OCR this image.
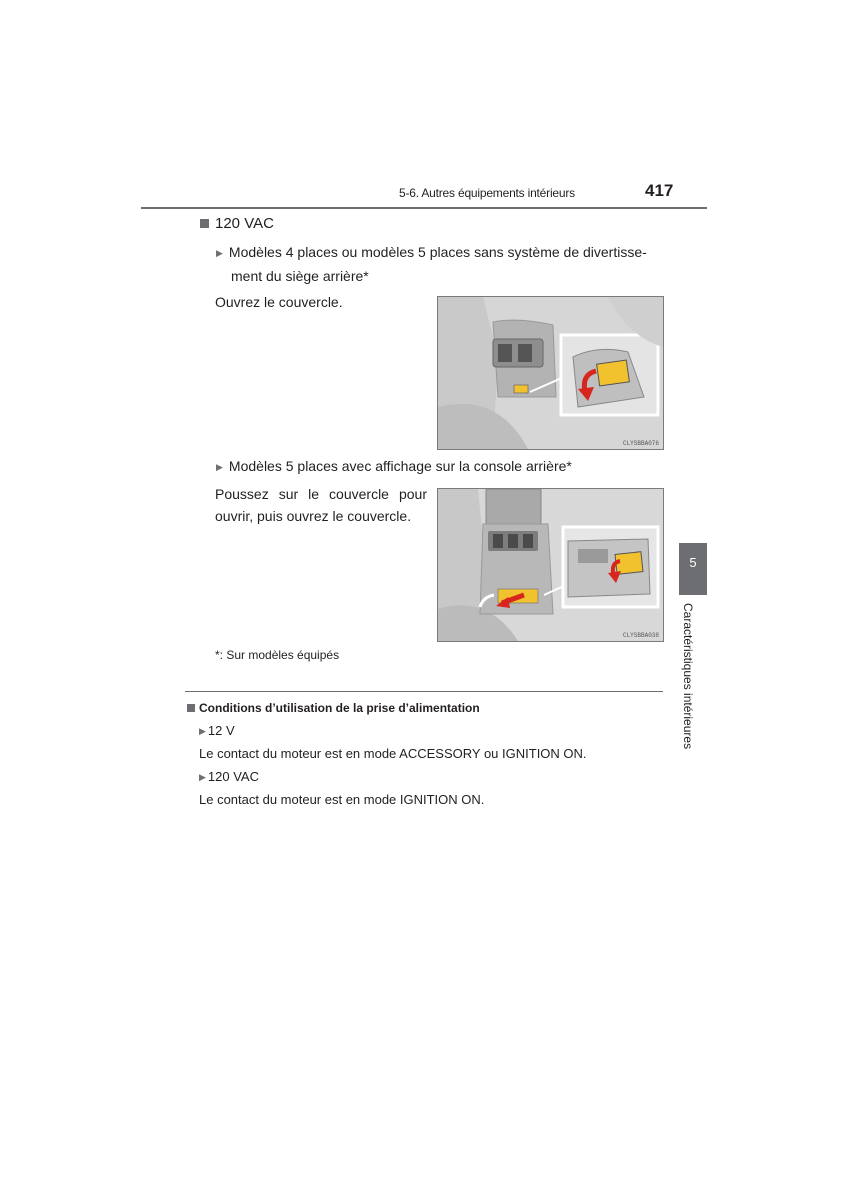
5-6. Autres équipements intérieurs	417
120 VAC
▶ Modèles 4 places ou modèles 5 places sans système de divertisse-
ment du siège arrière*
Ouvrez le couvercle.
CLYSBBA076
▶ Modèles 5 places avec affichage sur la console arrière*
Poussez sur le couvercle pour
ouvrir, puis ouvrez le couvercle.
CLYSBBA038
*: Sur modèles équipés
Conditions d’utilisation de la prise d’alimentation
▶ 12 V
Le contact du moteur est en mode ACCESSORY ou IGNITION ON.
▶ 120 VAC
Le contact du moteur est en mode IGNITION ON.
5
Caractéristiques intérieures
